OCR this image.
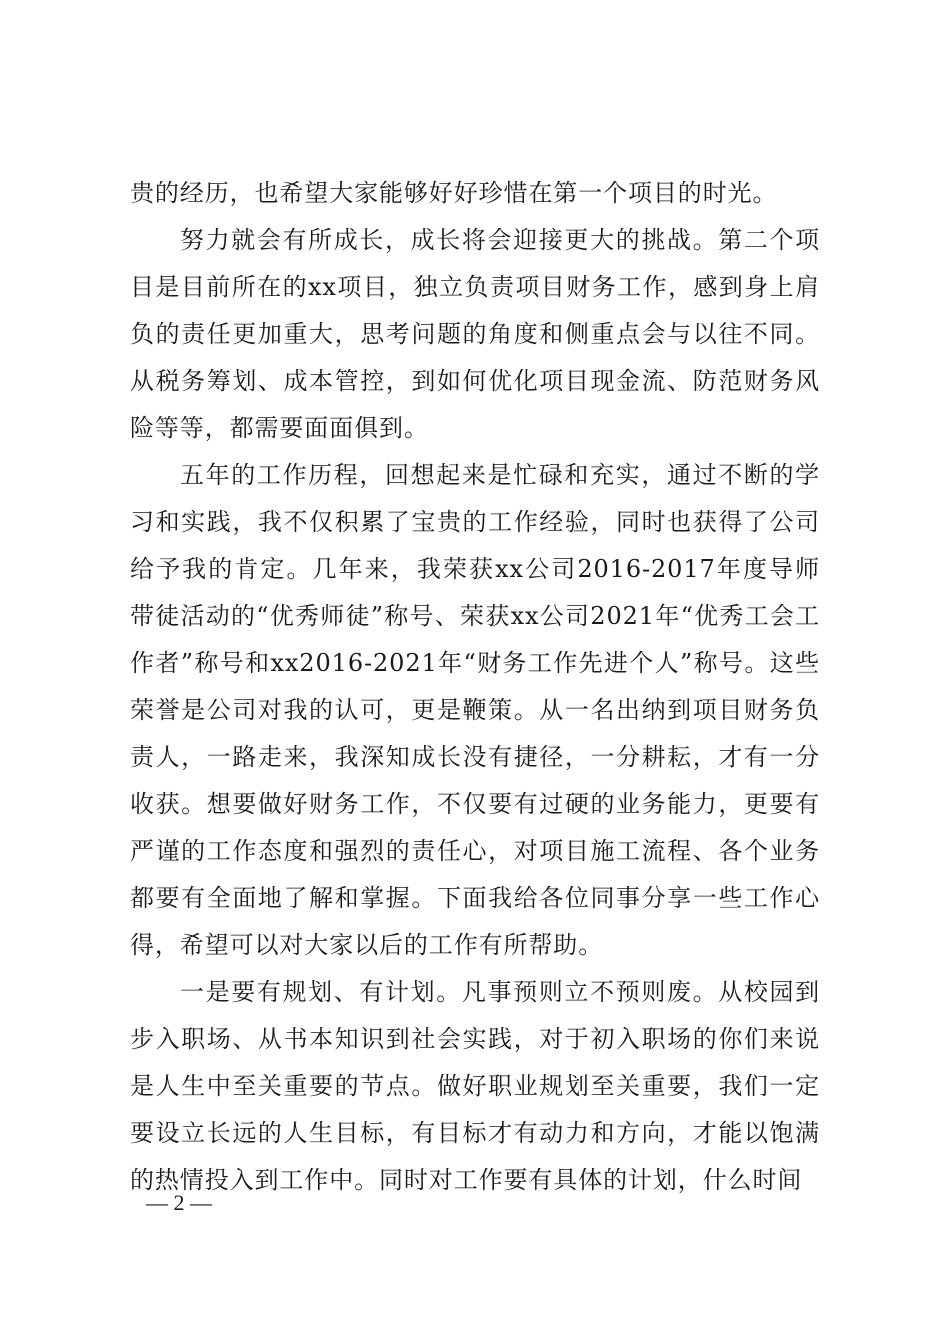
贵的经历，也希望大家能够好好珍惜在第一个项目的时光。

努力就会有所成长，成长将会迎接更大的挑战。第二个项目是目前所在的xx项目，独立负责项目财务工作，感到身上肩负的责任更加重大，思考问题的角度和侧重点会与以往不同。从税务筹划、成本管控，到如何优化项目现金流、防范财务风险等等，都需要面面俱到。

五年的工作历程，回想起来是忙碌和充实，通过不断的学习和实践，我不仅积累了宝贵的工作经验，同时也获得了公司给予我的肯定。几年来，我荣获xx公司2016-2017年度导师带徒活动的“优秀师徒”称号、荣获xx公司2021年“优秀工会工作者”称号和xx2016-2021年“财务工作先进个人”称号。这些荣誉是公司对我的认可，更是鞭策。从一名出纳到项目财务负责人，一路走来，我深知成长没有捷径，一分耕耘，才有一分收获。想要做好财务工作，不仅要有过硬的业务能力，更要有严谨的工作态度和强烈的责任心，对项目施工流程、各个业务都要有全面地了解和掌握。下面我给各位同事分享一些工作心得，希望可以对大家以后的工作有所帮助。

一是要有规划、有计划。凡事预则立不预则废。从校园到步入职场、从书本知识到社会实践，对于初入职场的你们来说是人生中至关重要的节点。做好职业规划至关重要，我们一定要设立长远的人生目标，有目标才有动力和方向，才能以饱满的热情投入到工作中。同时对工作要有具体的计划，什么时间

— 2 —
